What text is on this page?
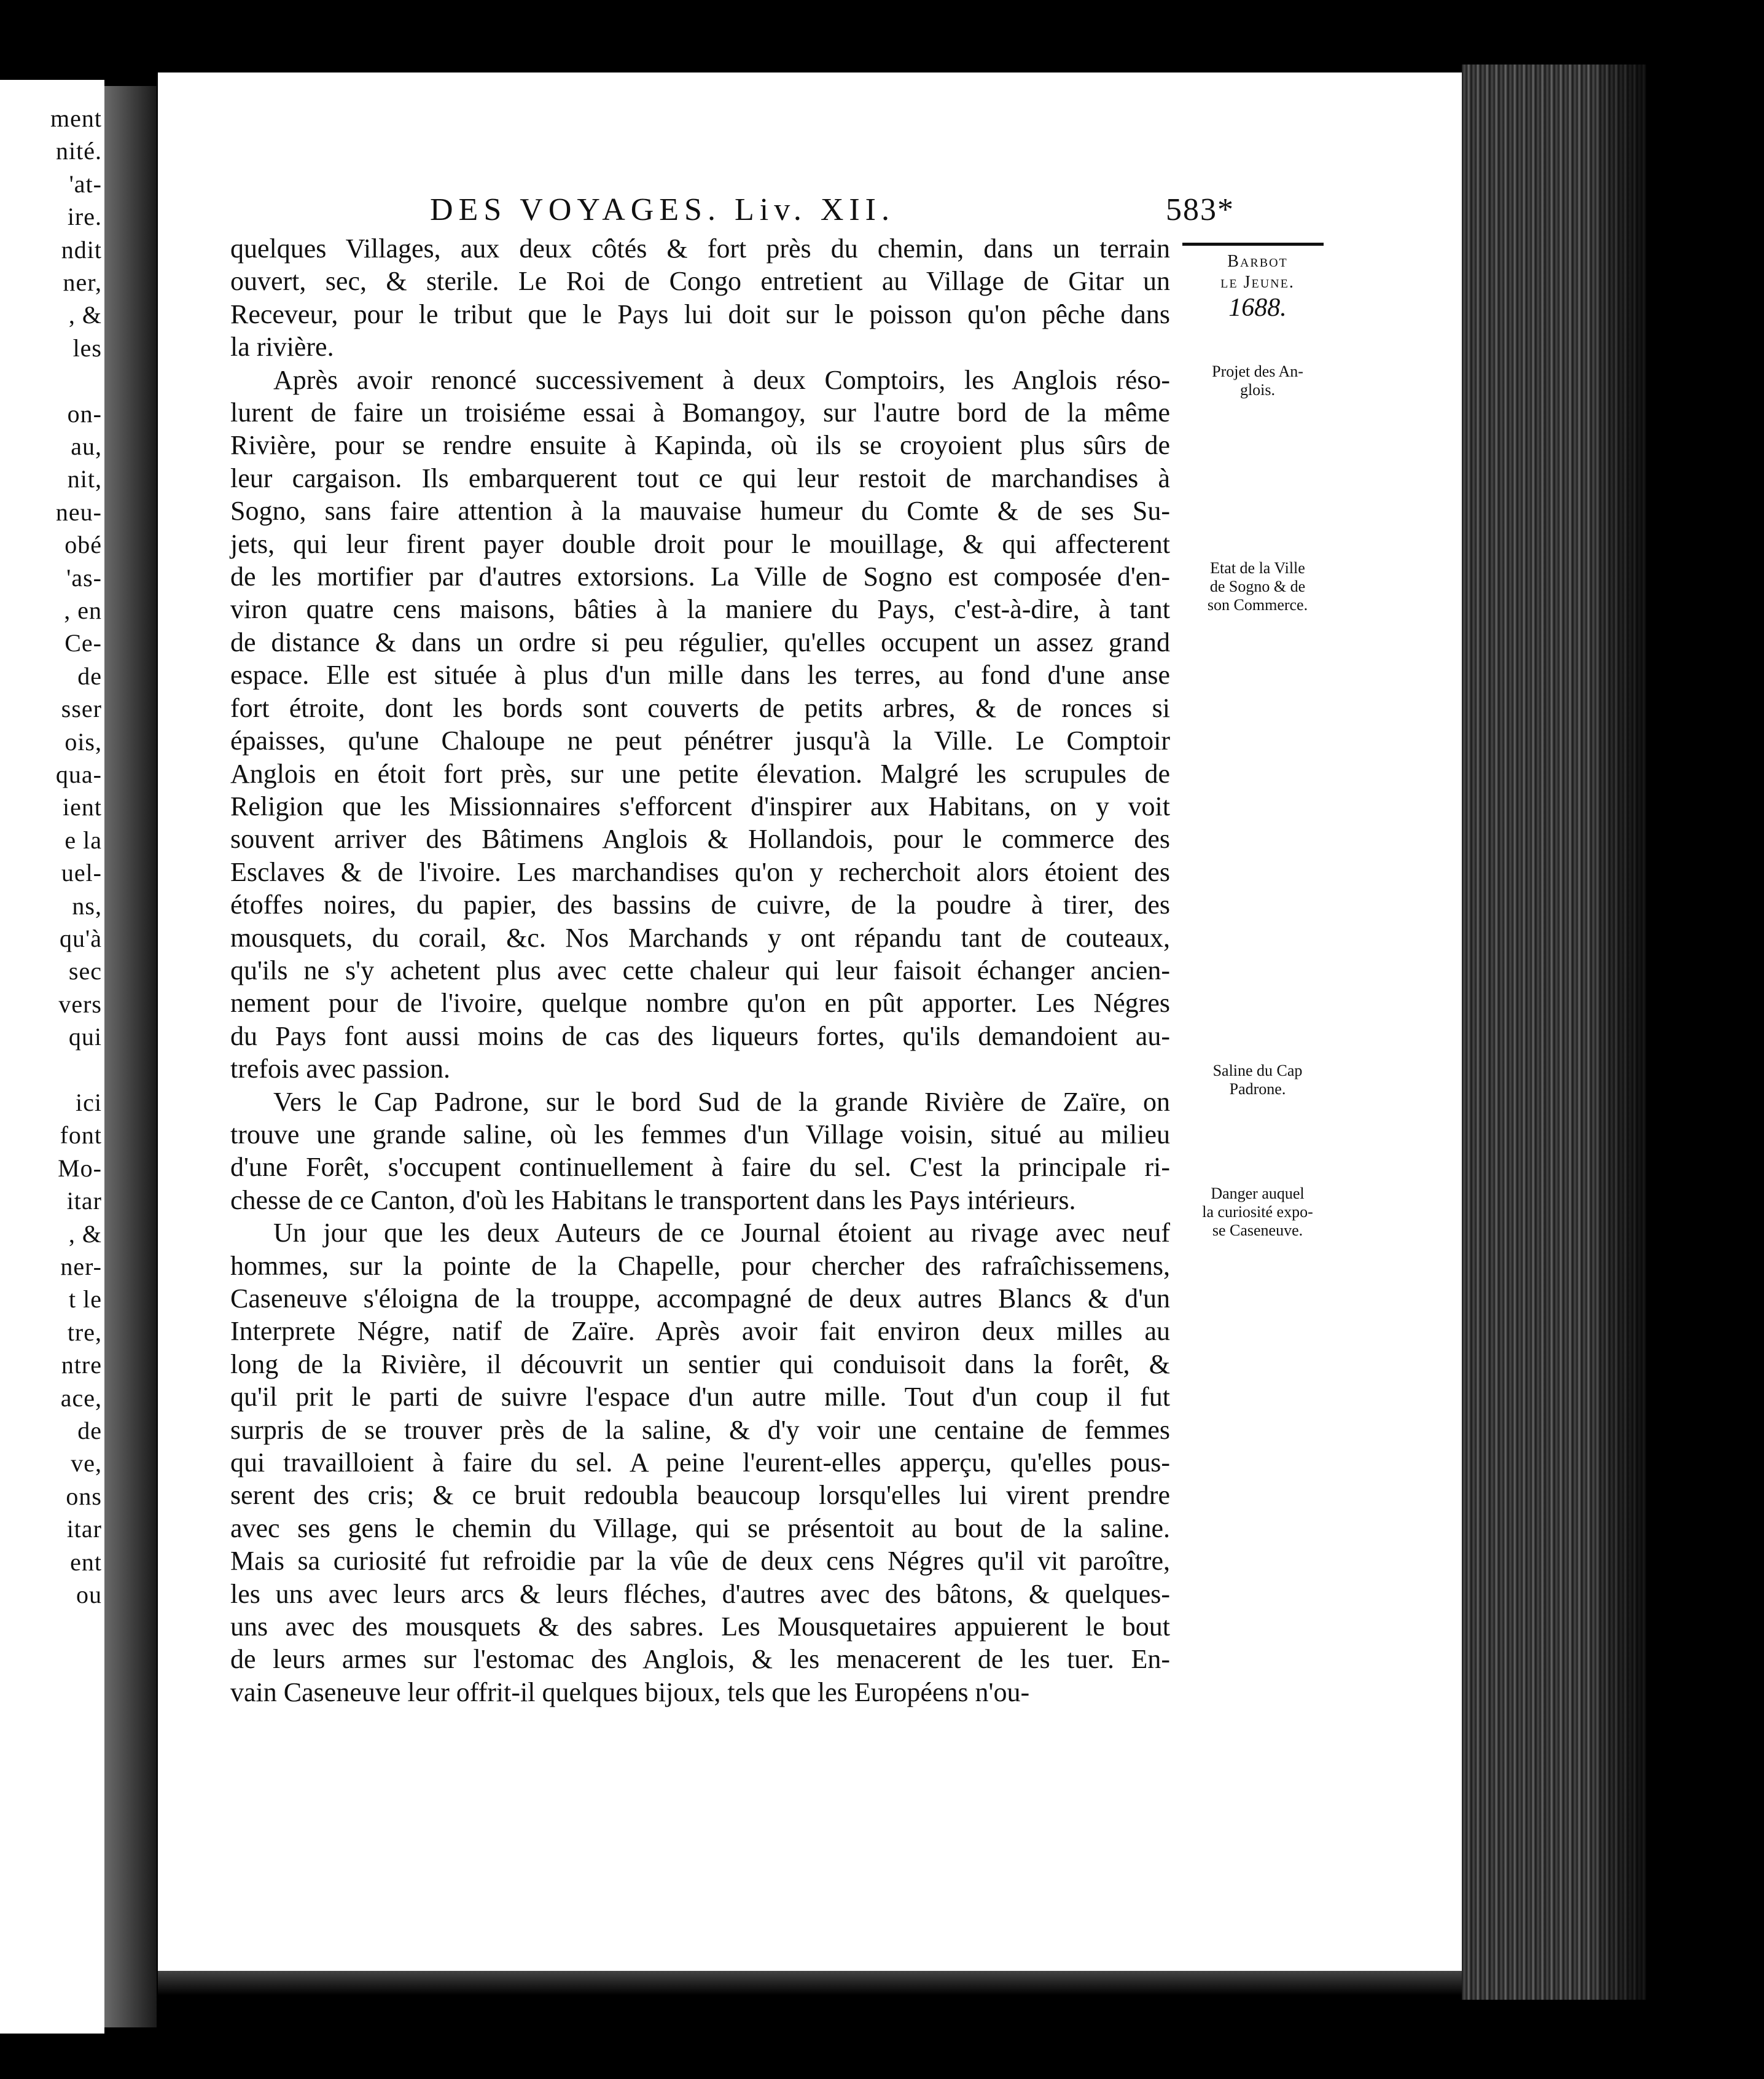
ment
nité.
'at-
ire.
ndit
ner,
, &
les
on-
au,
nit,
neu-
obé
'as-
, en
Ce-
de
sser
ois,
qua-
ient
e la
uel-
ns,
qu'à
sec
vers
qui
ici
font
Mo-
itar
, &
ner-
t le
tre,
ntre
ace,
de
ve,
ons
itar
ent
ou
DES VOYAGES. Liv. XII.	583*

quelques Villages, aux deux côtés & fort près du chemin, dans un terrain
ouvert, sec, & sterile. Le Roi de Congo entretient au Village de Gitar un
Receveur, pour le tribut que le Pays lui doit sur le poisson qu'on pêche dans
la rivière.

Après avoir renoncé successivement à deux Comptoirs, les Anglois réso-
lurent de faire un troisiéme essai à Bomangoy, sur l'autre bord de la même
Rivière, pour se rendre ensuite à Kapinda, où ils se croyoient plus sûrs de
leur cargaison. Ils embarquerent tout ce qui leur restoit de marchandises à
Sogno, sans faire attention à la mauvaise humeur du Comte & de ses Su-
jets, qui leur firent payer double droit pour le mouillage, & qui affecterent
de les mortifier par d'autres extorsions. La Ville de Sogno est composée d'en-
viron quatre cens maisons, bâties à la maniere du Pays, c'est-à-dire, à tant
de distance & dans un ordre si peu régulier, qu'elles occupent un assez grand
espace. Elle est située à plus d'un mille dans les terres, au fond d'une anse
fort étroite, dont les bords sont couverts de petits arbres, & de ronces si
épaisses, qu'une Chaloupe ne peut pénétrer jusqu'à la Ville. Le Comptoir
Anglois en étoit fort près, sur une petite élevation. Malgré les scrupules de
Religion que les Missionnaires s'efforcent d'inspirer aux Habitans, on y voit
souvent arriver des Bâtimens Anglois & Hollandois, pour le commerce des
Esclaves & de l'ivoire. Les marchandises qu'on y recherchoit alors étoient des
étoffes noires, du papier, des bassins de cuivre, de la poudre à tirer, des
mousquets, du corail, &c. Nos Marchands y ont répandu tant de couteaux,
qu'ils ne s'y achetent plus avec cette chaleur qui leur faisoit échanger ancien-
nement pour de l'ivoire, quelque nombre qu'on en pût apporter. Les Négres
du Pays font aussi moins de cas des liqueurs fortes, qu'ils demandoient au-
trefois avec passion.

Vers le Cap Padrone, sur le bord Sud de la grande Rivière de Zaïre, on
trouve une grande saline, où les femmes d'un Village voisin, situé au milieu
d'une Forêt, s'occupent continuellement à faire du sel. C'est la principale ri-
chesse de ce Canton, d'où les Habitans le transportent dans les Pays intérieurs.

Un jour que les deux Auteurs de ce Journal étoient au rivage avec neuf
hommes, sur la pointe de la Chapelle, pour chercher des rafraîchissemens,
Caseneuve s'éloigna de la trouppe, accompagné de deux autres Blancs & d'un
Interprete Négre, natif de Zaïre. Après avoir fait environ deux milles au
long de la Rivière, il découvrit un sentier qui conduisoit dans la forêt, &
qu'il prit le parti de suivre l'espace d'un autre mille. Tout d'un coup il fut
surpris de se trouver près de la saline, & d'y voir une centaine de femmes
qui travailloient à faire du sel. A peine l'eurent-elles apperçu, qu'elles pous-
serent des cris; & ce bruit redoubla beaucoup lorsqu'elles lui virent prendre
avec ses gens le chemin du Village, qui se présentoit au bout de la saline.
Mais sa curiosité fut refroidie par la vûe de deux cens Négres qu'il vit paroître,
les uns avec leurs arcs & leurs fléches, d'autres avec des bâtons, & quelques-
uns avec des mousquets & des sabres. Les Mousquetaires appuierent le bout
de leurs armes sur l'estomac des Anglois, & les menacerent de les tuer. En-
vain Caseneuve leur offrit-il quelques bijoux, tels que les Européens n'ou-

Barbot
le Jeune.
1688.
Projet des An-
glois.
Etat de la Ville
de Sogno & de
son Commerce.
Saline du Cap
Padrone.
Danger auquel
la curiosité expo-
se Caseneuve.
